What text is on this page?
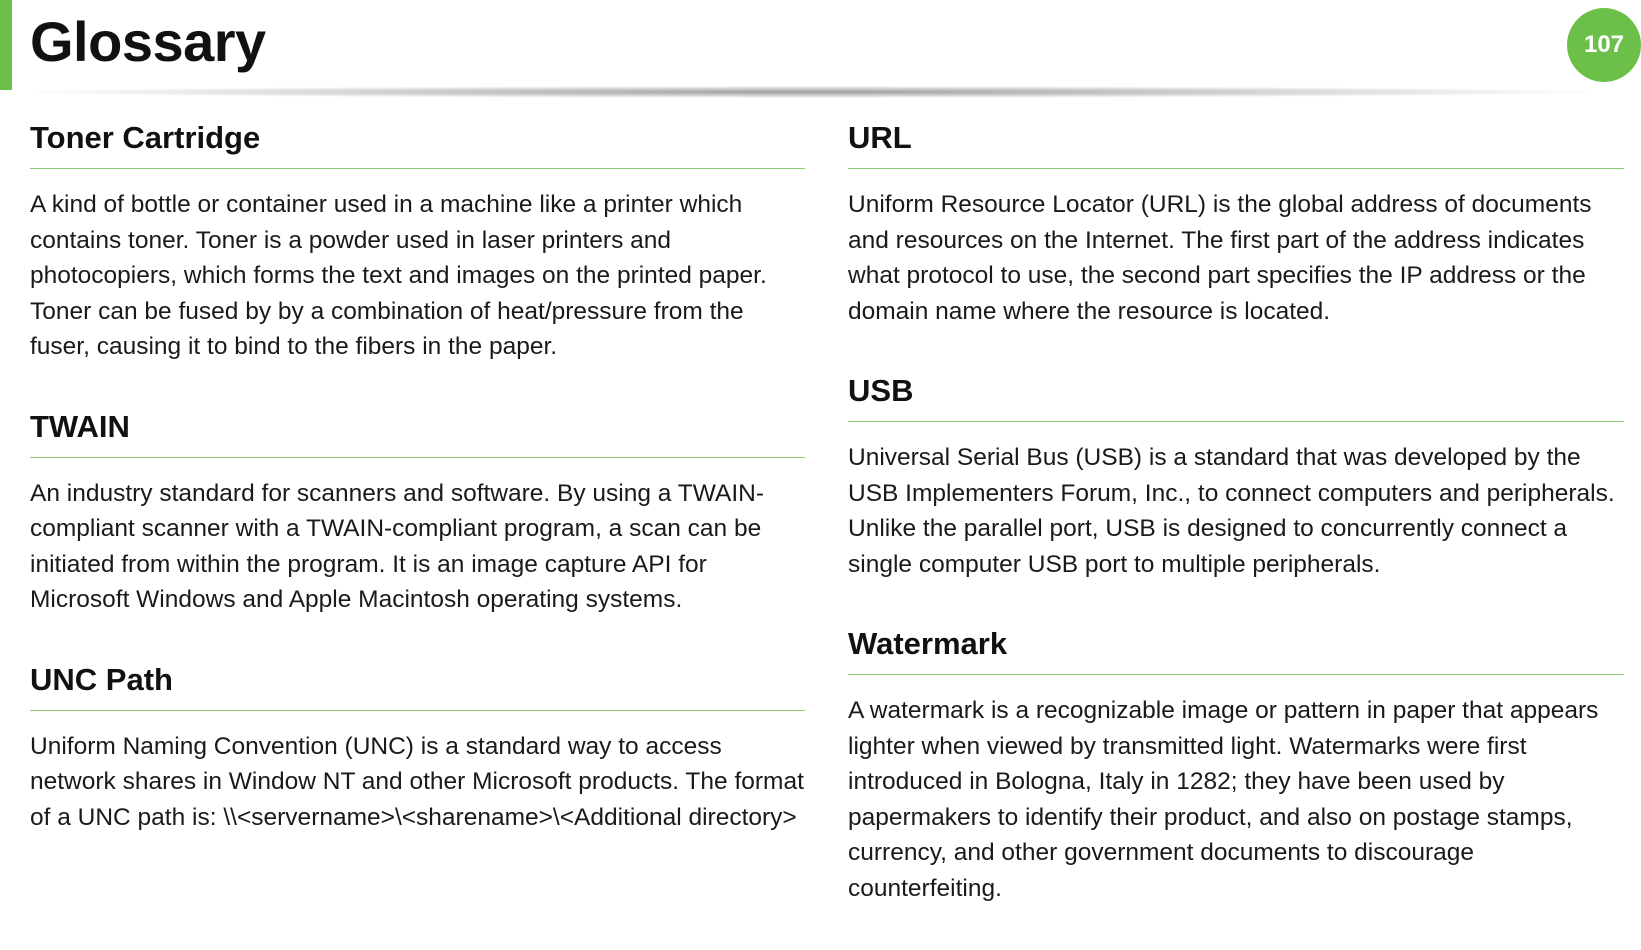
Glossary	107
Toner Cartridge

A kind of bottle or container used in a machine like a printer which contains toner. Toner is a powder used in laser printers and photocopiers, which forms the text and images on the printed paper. Toner can be fused by by a combination of heat/pressure from the fuser, causing it to bind to the fibers in the paper.

TWAIN

An industry standard for scanners and software. By using a TWAIN-compliant scanner with a TWAIN-compliant program, a scan can be initiated from within the program. It is an image capture API for Microsoft Windows and Apple Macintosh operating systems.

UNC Path

Uniform Naming Convention (UNC) is a standard way to access network shares in Window NT and other Microsoft products. The format of a UNC path is: \\<servername>\<sharename>\<Additional directory>

URL

Uniform Resource Locator (URL) is the global address of documents and resources on the Internet. The first part of the address indicates what protocol to use, the second part specifies the IP address or the domain name where the resource is located.

USB

Universal Serial Bus (USB) is a standard that was developed by the USB Implementers Forum, Inc., to connect computers and peripherals. Unlike the parallel port, USB is designed to concurrently connect a single computer USB port to multiple peripherals.

Watermark

A watermark is a recognizable image or pattern in paper that appears lighter when viewed by transmitted light. Watermarks were first introduced in Bologna, Italy in 1282; they have been used by papermakers to identify their product, and also on postage stamps, currency, and other government documents to discourage counterfeiting.
